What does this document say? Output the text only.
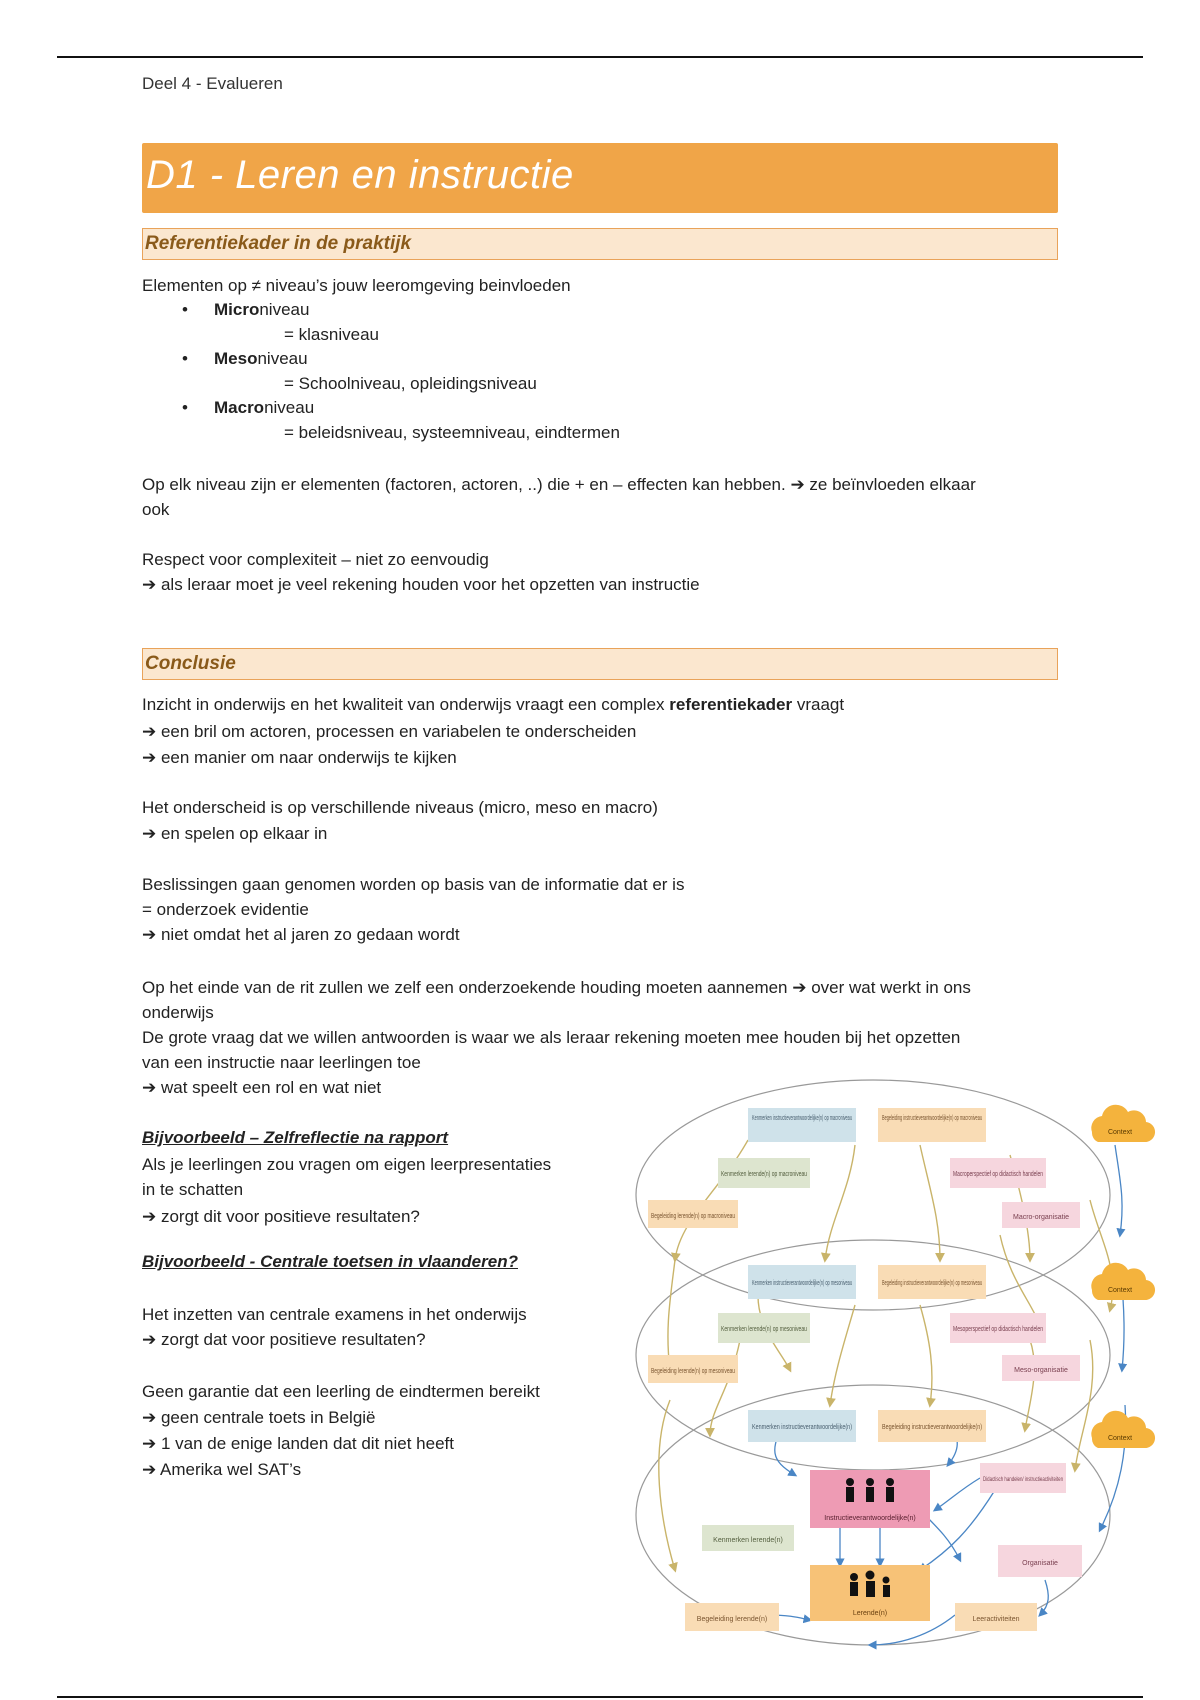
Deel 4 - Evalueren
D1 - Leren en instructie
Referentiekader in de praktijk
Elementen op ≠ niveau’s jouw leeromgeving beinvloeden
• Microniveau
= klasniveau
• Mesoniveau
= Schoolniveau, opleidingsniveau
• Macroniveau
= beleidsniveau, systeemniveau, eindtermen

Op elk niveau zijn er elementen (factoren, actoren, ..) die + en – effecten kan hebben. ➔ ze beïnvloeden elkaar

ook

Respect voor complexiteit – niet zo eenvoudig

➔ als leraar moet je veel rekening houden voor het opzetten van instructie

Conclusie

Inzicht in onderwijs en het kwaliteit van onderwijs vraagt een complex referentiekader vraagt

➔ een bril om actoren, processen en variabelen te onderscheiden

➔ een manier om naar onderwijs te kijken

Het onderscheid is op verschillende niveaus (micro, meso en macro)

➔ en spelen op elkaar in

Beslissingen gaan genomen worden op basis van de informatie dat er is

= onderzoek evidentie

➔ niet omdat het al jaren zo gedaan wordt

Op het einde van de rit zullen we zelf een onderzoekende houding moeten aannemen ➔ over wat werkt in ons

onderwijs

De grote vraag dat we willen antwoorden is waar we als leraar rekening moeten mee houden bij het opzetten

van een instructie naar leerlingen toe

➔ wat speelt een rol en wat niet

Bijvoorbeeld – Zelfreflectie na rapport

Als je leerlingen zou vragen om eigen leerpresentaties

in te schatten

➔ zorgt dit voor positieve resultaten?

Bijvoorbeeld - Centrale toetsen in vlaanderen?

Het inzetten van centrale examens in het onderwijs

➔ zorgt dat voor positieve resultaten?

Geen garantie dat een leerling de eindtermen bereikt

➔ geen centrale toets in België

➔ 1 van de enige landen dat dit niet heeft

➔ Amerika wel SAT’s

Kenmerken instructieverantwoordelijke(n) op macroniveau	Begeleiding instructieverantwoordelijke(n) op macroniveau
Kenmerken lerende(n) op macroniveau	Macroperspectief op didactisch handelen
Begeleiding lerende(n) op macroniveau	Macro-organisatie
Kenmerken instructieverantwoordelijke(n) op mesoniveau	Begeleiding instructieverantwoordelijke(n) op mesoniveau
Kenmerken lerende(n) op mesoniveau	Mesoperspectief op didactisch handelen
Begeleiding lerende(n) op mesoniveau	Meso-organisatie
Kenmerken instructieverantwoordelijke(n)	Begeleiding instructieverantwoordelijke(n)
Instructieverantwoordelijke(n)
Didactisch handelen/ instructieactiviteiten
Kenmerken lerende(n)
Organisatie
Begeleiding lerende(n)
Lerende(n)
Leeractiviteiten
Context
Context
Context
